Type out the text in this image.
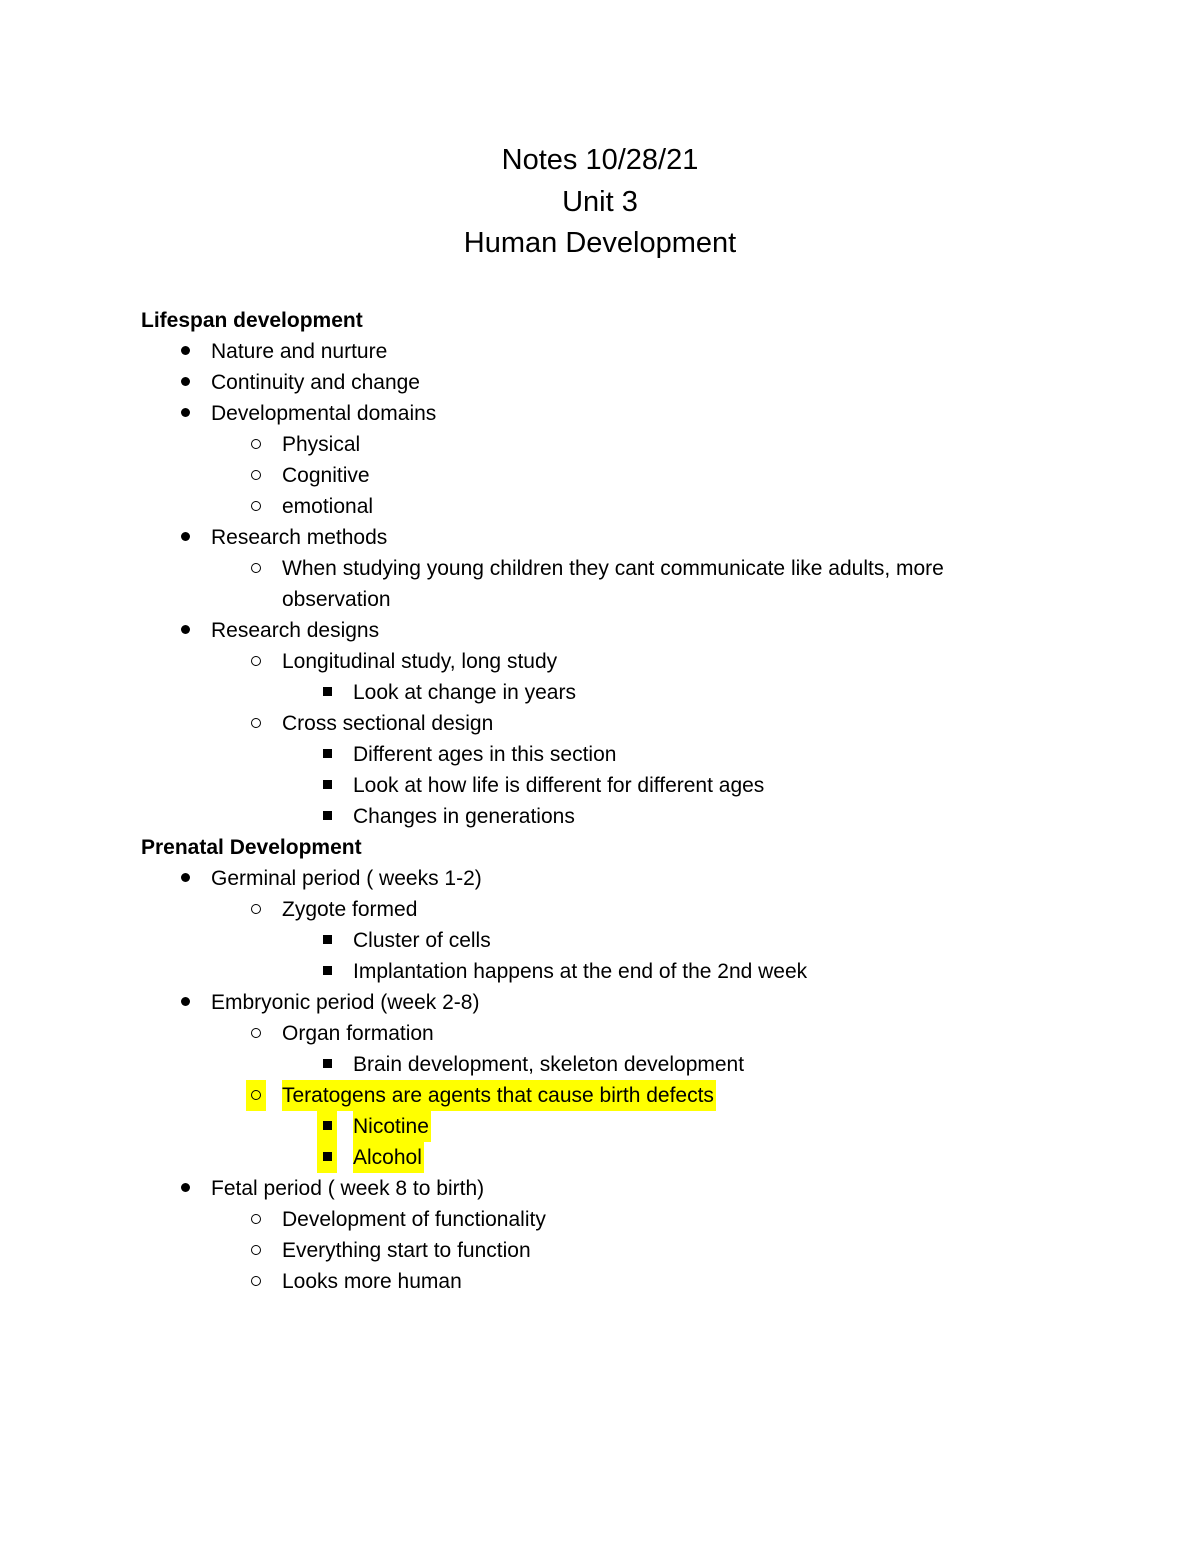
Notes 10/28/21

Unit 3

Human Development

Lifespan development

Nature and nurture
Continuity and change
Developmental domains
Physical
Cognitive
emotional
Research methods
When studying young children they cant communicate like adults, more observation
Research designs
Longitudinal study, long study
Look at change in years
Cross sectional design
Different ages in this section
Look at how life is different for different ages
Changes in generations

Prenatal Development

Germinal period ( weeks 1-2)
Zygote formed
Cluster of cells
Implantation happens at the end of the 2nd week
Embryonic period (week 2-8)
Organ formation
Brain development, skeleton development
Teratogens are agents that cause birth defects
Nicotine
Alcohol
Fetal period ( week 8 to birth)
Development of functionality
Everything start to function
Looks more human
